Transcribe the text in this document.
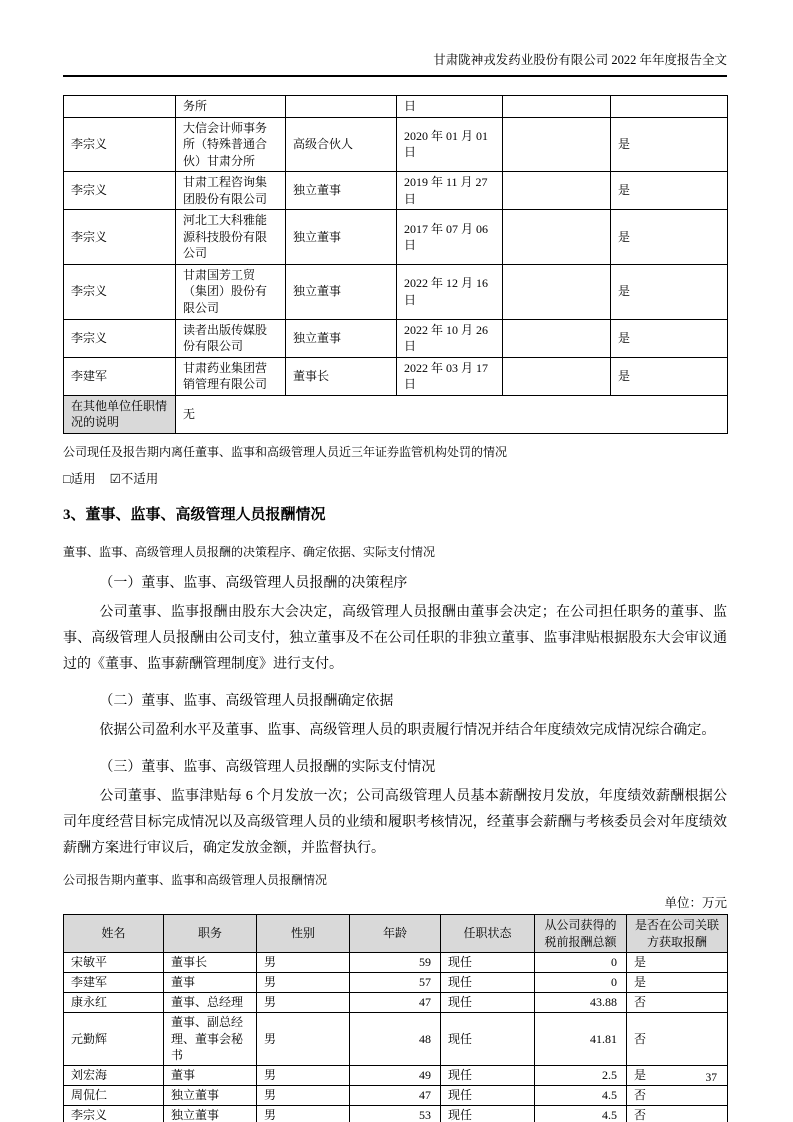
甘肃陇神戎发药业股份有限公司 2022 年年度报告全文
	务所		日		
李宗义	大信会计师事务所（特殊普通合伙）甘肃分所	高级合伙人	2020 年 01 月 01 日		是
李宗义	甘肃工程咨询集团股份有限公司	独立董事	2019 年 11 月 27 日		是
李宗义	河北工大科雅能源科技股份有限公司	独立董事	2017 年 07 月 06 日		是
李宗义	甘肃国芳工贸（集团）股份有限公司	独立董事	2022 年 12 月 16 日		是
李宗义	读者出版传媒股份有限公司	独立董事	2022 年 10 月 26 日		是
李建军	甘肃药业集团营销管理有限公司	董事长	2022 年 03 月 17 日		是
在其他单位任职情况的说明	无				
公司现任及报告期内离任董事、监事和高级管理人员近三年证券监管机构处罚的情况
□适用 ☑不适用
3、董事、监事、高级管理人员报酬情况
董事、监事、高级管理人员报酬的决策程序、确定依据、实际支付情况
（一）董事、监事、高级管理人员报酬的决策程序
公司董事、监事报酬由股东大会决定，高级管理人员报酬由董事会决定；在公司担任职务的董事、监事、高级管理人员报酬由公司支付，独立董事及不在公司任职的非独立董事、监事津贴根据股东大会审议通过的《董事、监事薪酬管理制度》进行支付。
（二）董事、监事、高级管理人员报酬确定依据
依据公司盈利水平及董事、监事、高级管理人员的职责履行情况并结合年度绩效完成情况综合确定。
（三）董事、监事、高级管理人员报酬的实际支付情况
公司董事、监事津贴每 6 个月发放一次；公司高级管理人员基本薪酬按月发放，年度绩效薪酬根据公司年度经营目标完成情况以及高级管理人员的业绩和履职考核情况，经董事会薪酬与考核委员会对年度绩效薪酬方案进行审议后，确定发放金额，并监督执行。
公司报告期内董事、监事和高级管理人员报酬情况
单位：万元
姓名	职务	性别	年龄	任职状态	从公司获得的税前报酬总额	是否在公司关联方获取报酬
宋敏平	董事长	男	59	现任	0	是
李建军	董事	男	57	现任	0	是
康永红	董事、总经理	男	47	现任	43.88	否
元勤辉	董事、副总经理、董事会秘书	男	48	现任	41.81	否
刘宏海	董事	男	49	现任	2.5	是
周侃仁	独立董事	男	47	现任	4.5	否
李宗义	独立董事	男	53	现任	4.5	否
37
